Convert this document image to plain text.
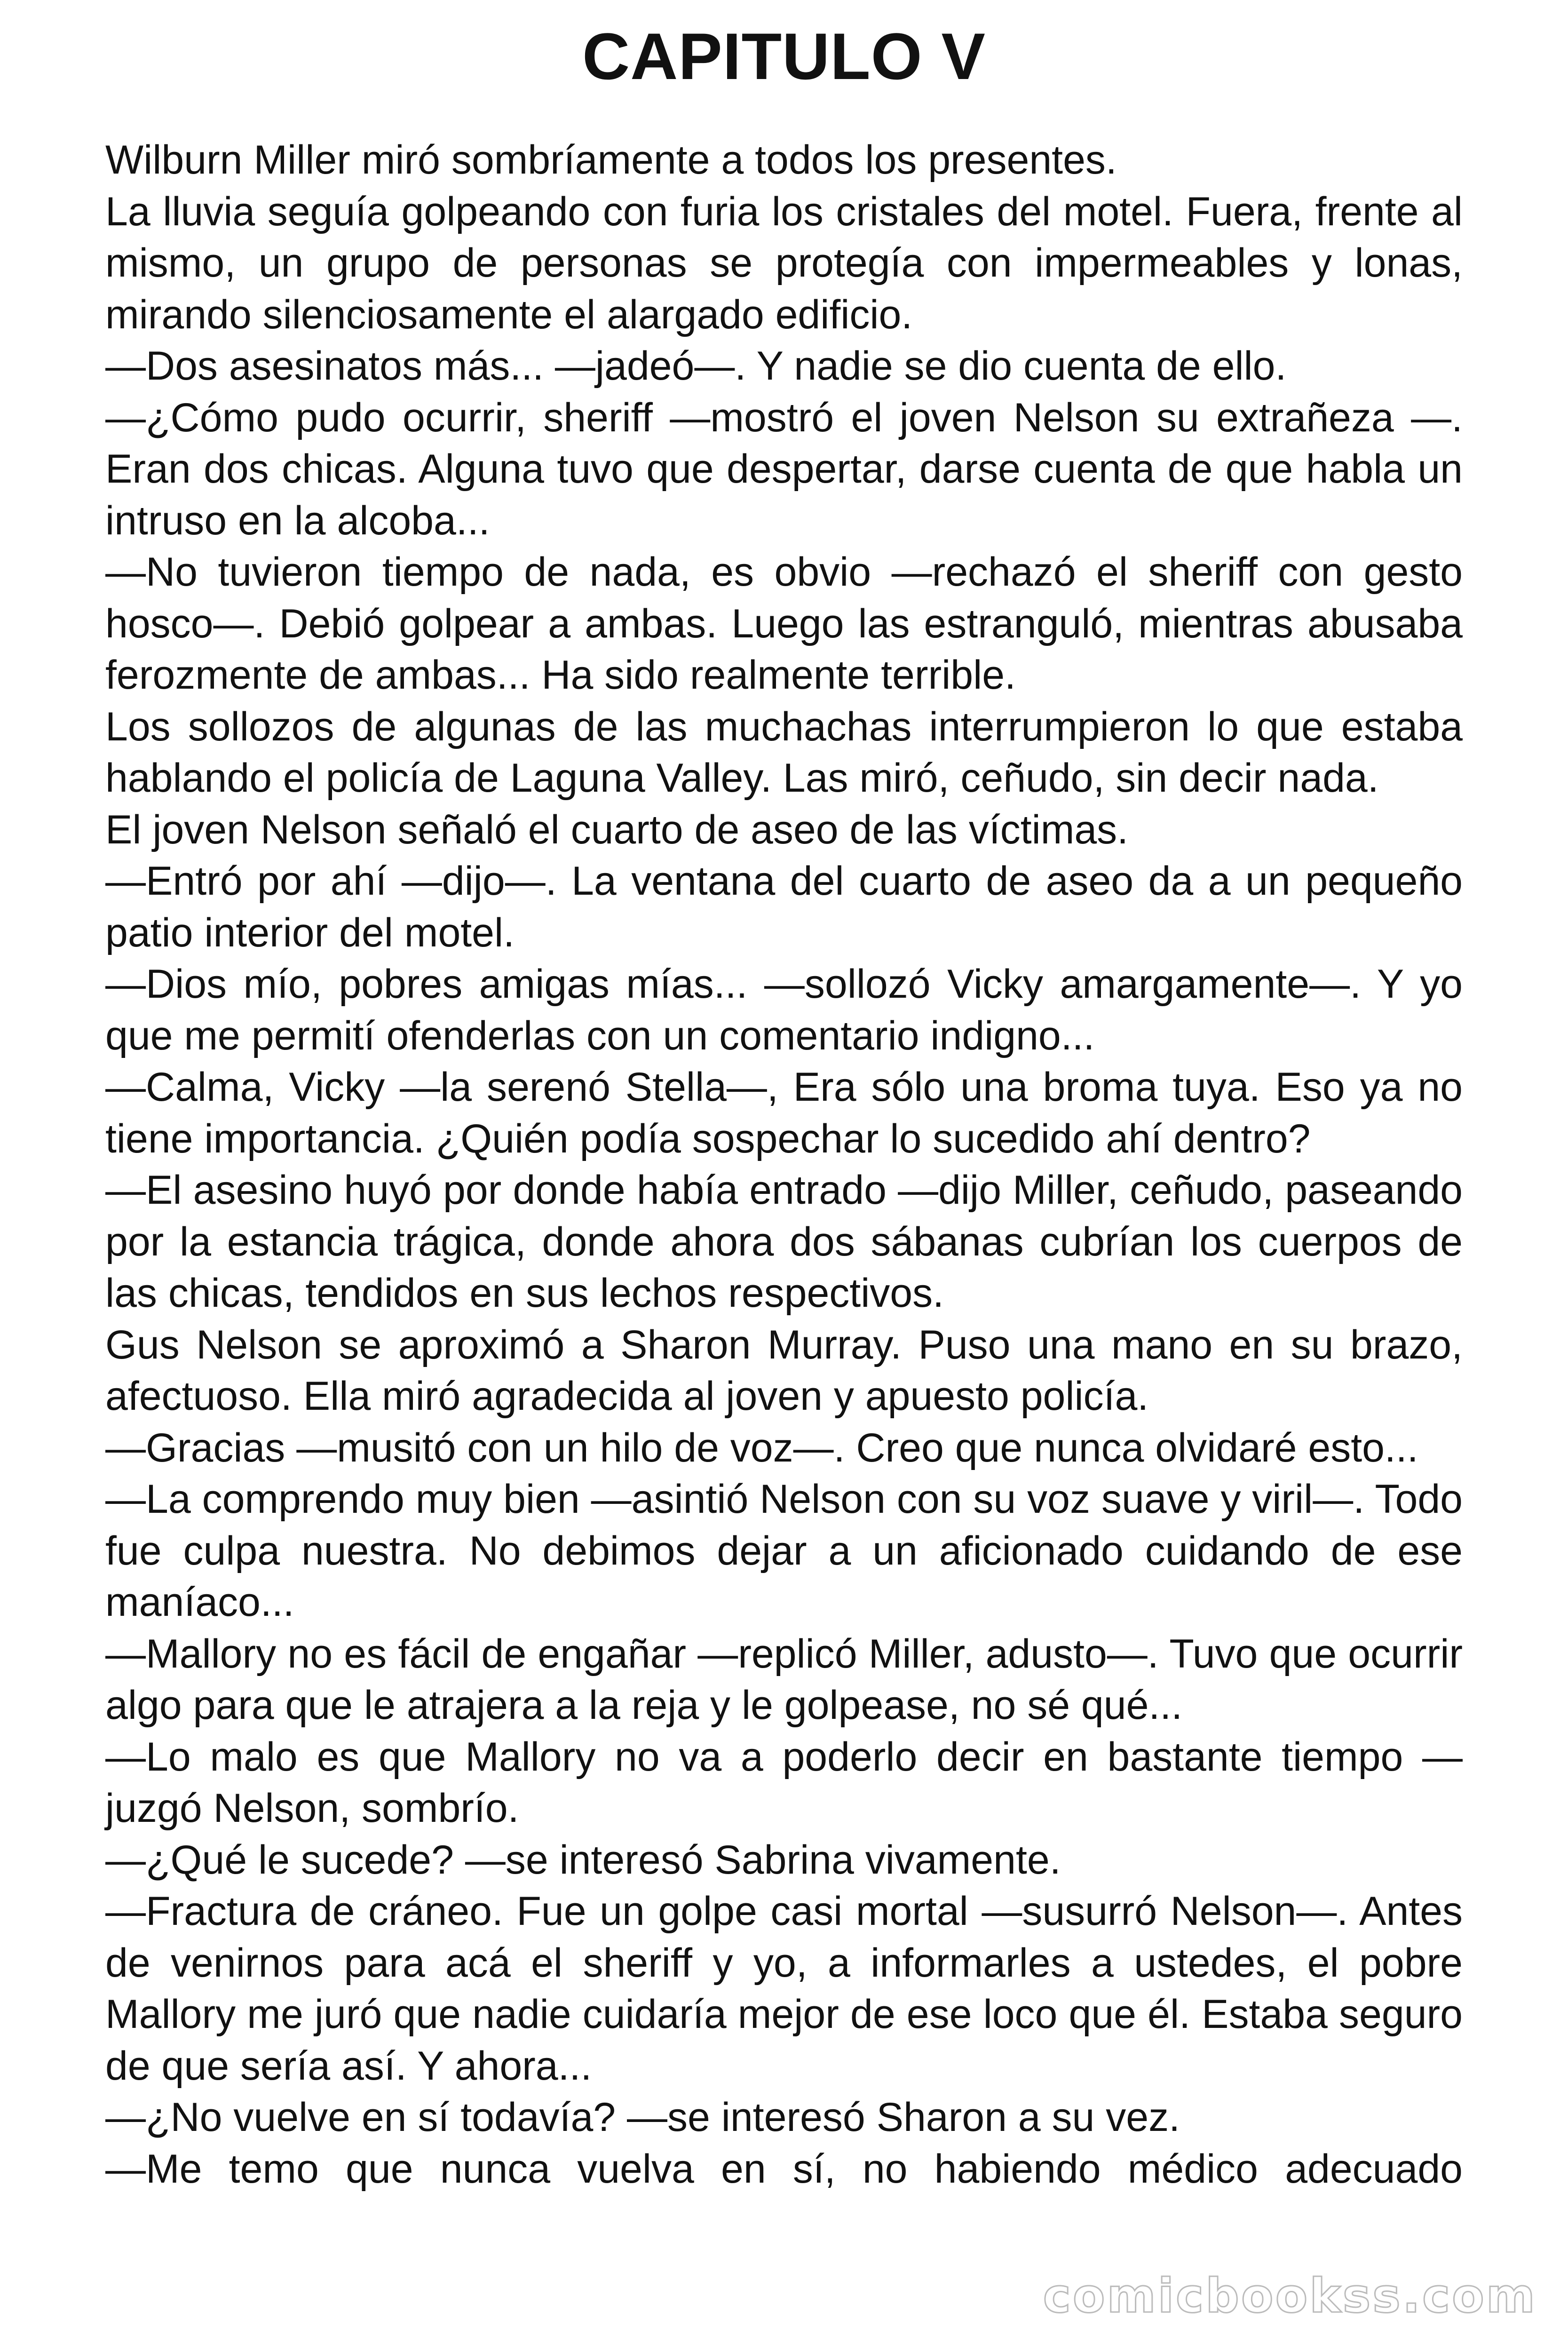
CAPITULO V

Wilburn Miller miró sombríamente a todos los presentes.

La lluvia seguía golpeando con furia los cristales del motel. Fuera, frente al mismo, un grupo de personas se protegía con impermeables y lonas, mirando silenciosamente el alargado edificio.

—Dos asesinatos más... —jadeó—. Y nadie se dio cuenta de ello.

—¿Cómo pudo ocurrir, sheriff —mostró el joven Nelson su extrañeza —. Eran dos chicas. Alguna tuvo que despertar, darse cuenta de que habla un intruso en la alcoba...

—No tuvieron tiempo de nada, es obvio —rechazó el sheriff con gesto hosco—. Debió golpear a ambas. Luego las estranguló, mientras abusaba ferozmente de ambas... Ha sido realmente terrible.

Los sollozos de algunas de las muchachas interrumpieron lo que estaba hablando el policía de Laguna Valley. Las miró, ceñudo, sin decir nada.

El joven Nelson señaló el cuarto de aseo de las víctimas.

—Entró por ahí —dijo—. La ventana del cuarto de aseo da a un pequeño patio interior del motel.

—Dios mío, pobres amigas mías... —sollozó Vicky amargamente—. Y yo que me permití ofenderlas con un comentario indigno...

—Calma, Vicky —la serenó Stella—, Era sólo una broma tuya. Eso ya no tiene importancia. ¿Quién podía sospechar lo sucedido ahí dentro?

—El asesino huyó por donde había entrado —dijo Miller, ceñudo, paseando por la estancia trágica, donde ahora dos sábanas cubrían los cuerpos de las chicas, tendidos en sus lechos respectivos.

Gus Nelson se aproximó a Sharon Murray. Puso una mano en su brazo, afectuoso. Ella miró agradecida al joven y apuesto policía.

—Gracias —musitó con un hilo de voz—. Creo que nunca olvidaré esto...

—La comprendo muy bien —asintió Nelson con su voz suave y viril—. Todo fue culpa nuestra. No debimos dejar a un aficionado cuidando de ese maníaco...

—Mallory no es fácil de engañar —replicó Miller, adusto—. Tuvo que ocurrir algo para que le atrajera a la reja y le golpease, no sé qué...

—Lo malo es que Mallory no va a poderlo decir en bastante tiempo — juzgó Nelson, sombrío.

—¿Qué le sucede? —se interesó Sabrina vivamente.

—Fractura de cráneo. Fue un golpe casi mortal —susurró Nelson—. Antes de venirnos para acá el sheriff y yo, a informarles a ustedes, el pobre Mallory me juró que nadie cuidaría mejor de ese loco que él. Estaba seguro de que sería así. Y ahora...

—¿No vuelve en sí todavía? —se interesó Sharon a su vez.

—Me temo que nunca vuelva en sí, no habiendo médico adecuado

comicbookss.com
